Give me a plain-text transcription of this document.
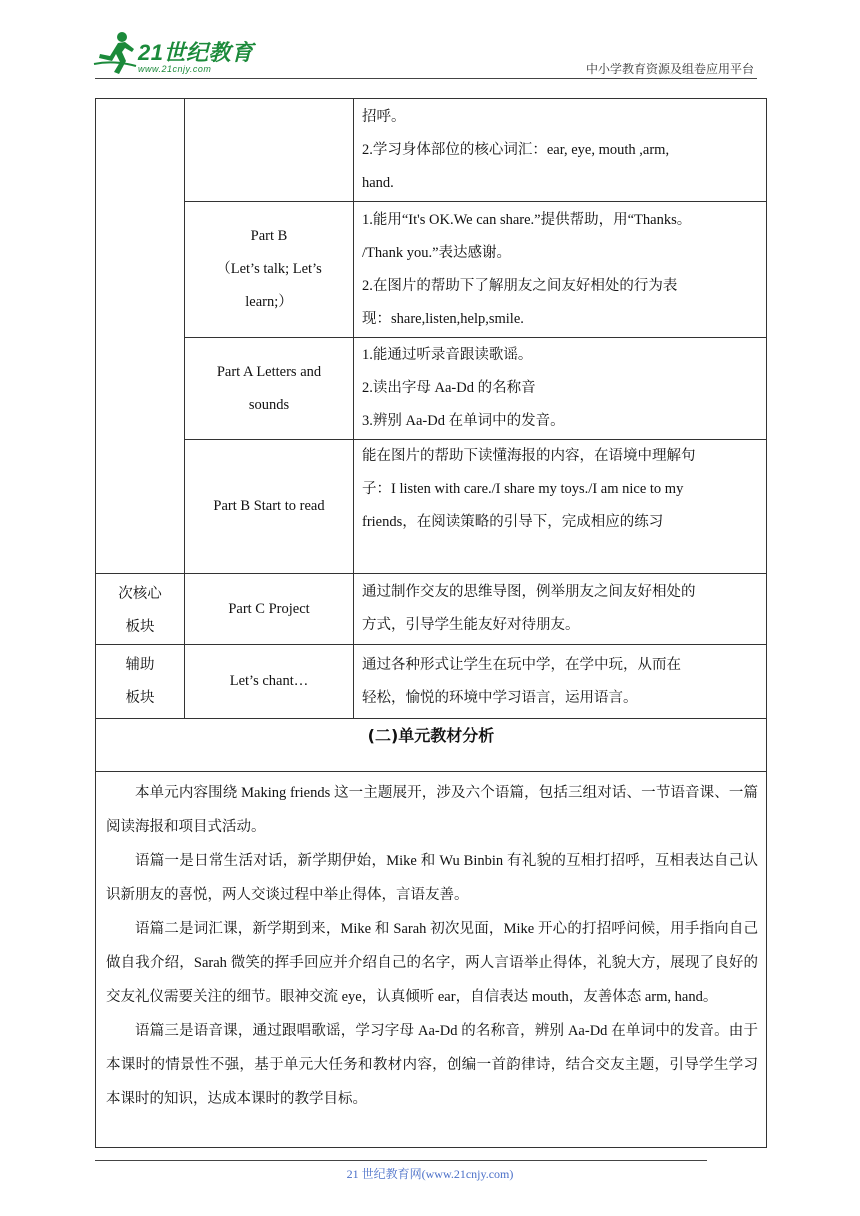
21世纪教育
www.21cnjy.com	中小学教育资源及组卷应用平台

		招呼。
2.学习身体部位的核心词汇：ear, eye, mouth ,arm,
hand.

	Part B
（Let’s talk; Let’s
learn;）	1.能用“It's OK.We can share.”提供帮助，用“Thanks。
/Thank you.”表达感谢。
2.在图片的帮助下了解朋友之间友好相处的行为表
现：share,listen,help,smile.

	Part A Letters and
sounds	1.能通过听录音跟读歌谣。
2.读出字母 Aa-Dd 的名称音
3.辨别 Aa-Dd 在单词中的发音。

	Part B Start to read	能在图片的帮助下读懂海报的内容，在语境中理解句
子：I listen with care./I share my toys./I am nice to my
friends，在阅读策略的引导下，完成相应的练习

次核心
板块	Part C Project	通过制作交友的思维导图，例举朋友之间友好相处的
方式，引导学生能友好对待朋友。

辅助
板块	Let’s chant…	通过各种形式让学生在玩中学，在学中玩，从而在
轻松，愉悦的环境中学习语言，运用语言。

(二)单元教材分析		

本单元内容围绕 Making friends 这一主题展开，涉及六个语篇，包括三组对话、一节语音课、一篇阅读海报和项目式活动。

语篇一是日常生活对话，新学期伊始，Mike 和 Wu Binbin 有礼貌的互相打招呼，互相表达自己认识新朋友的喜悦，两人交谈过程中举止得体，言语友善。

语篇二是词汇课，新学期到来，Mike 和 Sarah 初次见面，Mike 开心的打招呼问候，用手指向自己做自我介绍，Sarah 微笑的挥手回应并介绍自己的名字，两人言语举止得体，礼貌大方，展现了良好的交友礼仪需要关注的细节。眼神交流 eye，认真倾听 ear，自信表达 mouth，友善体态 arm, hand。

语篇三是语音课，通过跟唱歌谣，学习字母 Aa-Dd 的名称音，辨别 Aa-Dd 在单词中的发音。由于本课时的情景性不强，基于单元大任务和教材内容，创编一首韵律诗，结合交友主题，引导学生学习本课时的知识，达成本课时的教学目标。		

21 世纪教育网(www.21cnjy.com)
